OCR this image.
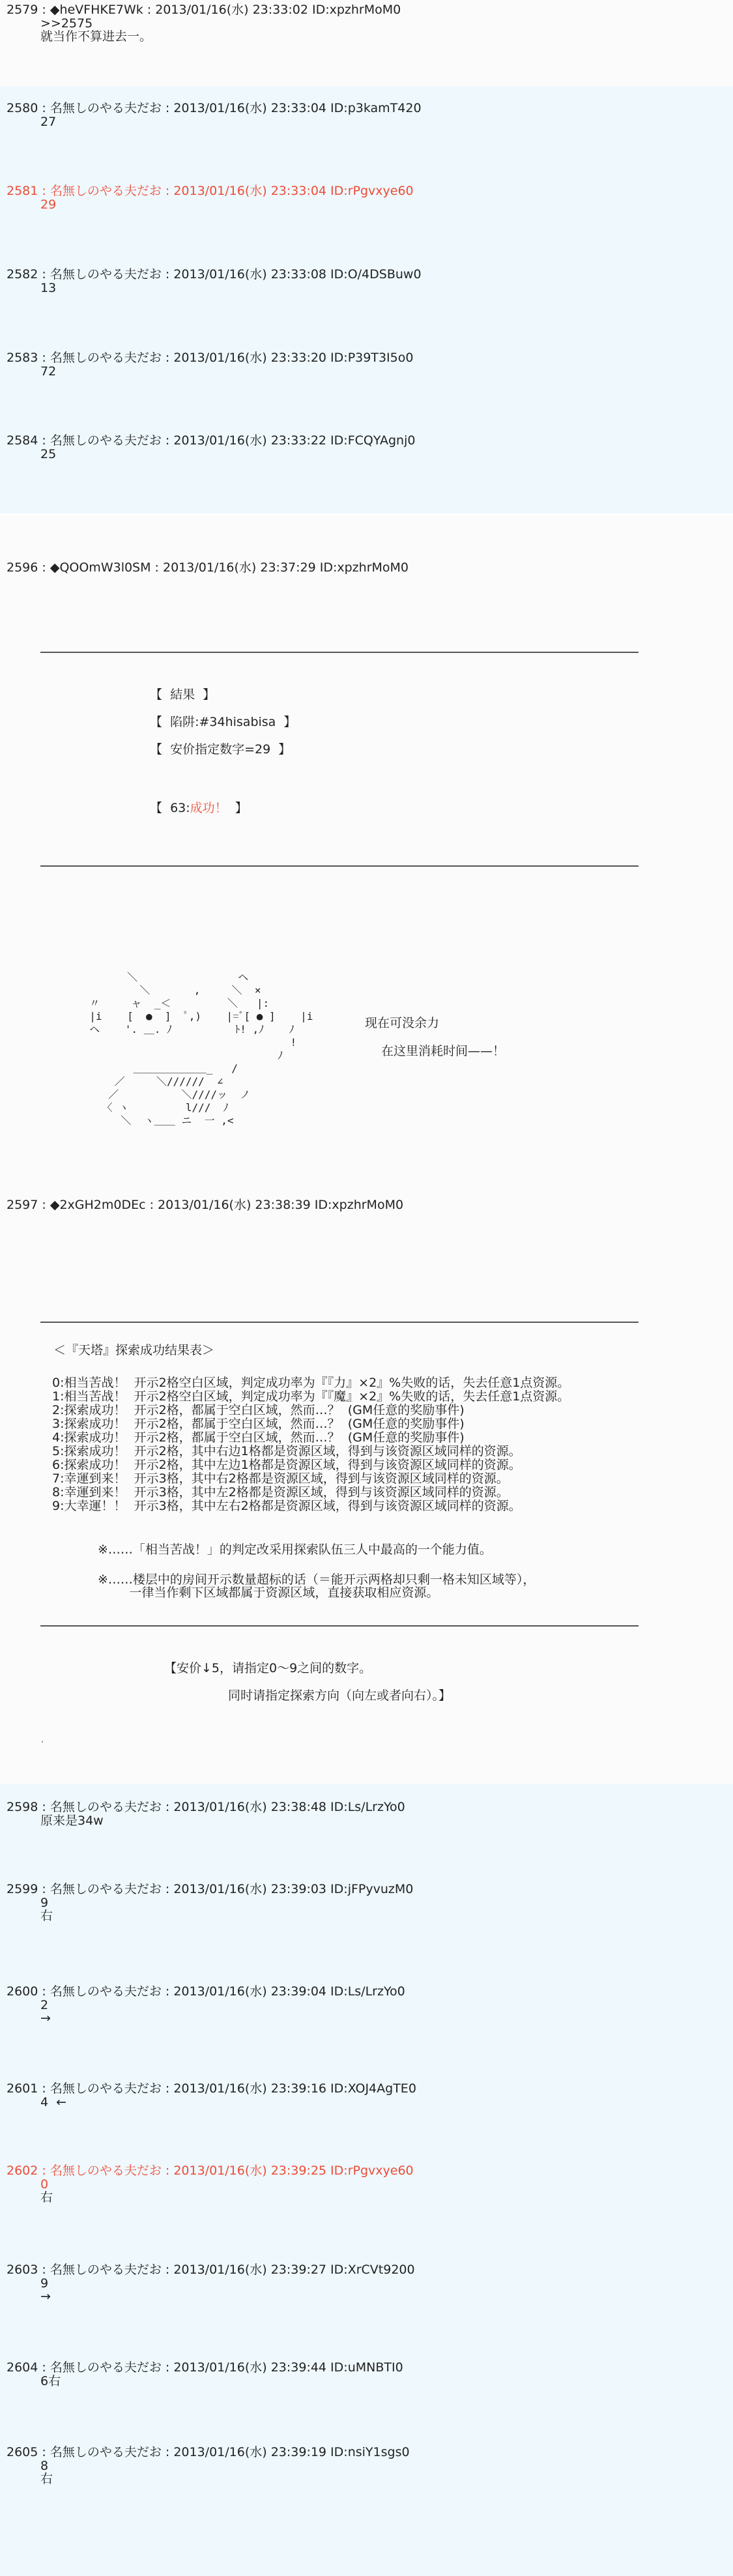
2579 : ◆heVFHKE7Wk : 2013/01/16(水) 23:33:02 ID:xpzhrMoM0
>>2575
就当作不算进去一。
2580 : 名無しのやる夫だお : 2013/01/16(水) 23:33:04 ID:p3kamT420
27
2581 : 名無しのやる夫だお : 2013/01/16(水) 23:33:04 ID:rPgvxye60
29
2582 : 名無しのやる夫だお : 2013/01/16(水) 23:33:08 ID:O/4DSBuw0
13
2583 : 名無しのやる夫だお : 2013/01/16(水) 23:33:20 ID:P39T3I5o0
72
2584 : 名無しのやる夫だお : 2013/01/16(水) 23:33:22 ID:FCQYAgnj0
25
2596 : ◆QOOmW3l0SM : 2013/01/16(水) 23:37:29 ID:xpzhrMoM0
【  結果  】
【  陷阱:#34hisabisa  】
【  安价指定数字=29  】
【  63:成功！  】
＼                ヘ
＼       ,     ＼  ×
〃     ャ  _＜         ＼   |:
|i    [  ●  ]  ﾟ,)    |=ﾞ[ ● ]    |i
ヘ    '. ＿. ﾉ          ﾄ! ,ﾉ    ﾉ
!
ﾉ
＿＿＿＿＿＿＿_   /
／     ＼//////  ∠
／          ＼////ッ  ノ
〈 ヽ         l///  ﾉ
＼  ヽ＿＿ ニ  一 ,<
现在可没余力
在这里消耗时间——！
2597 : ◆2xGH2m0DEc : 2013/01/16(水) 23:38:39 ID:xpzhrMoM0
＜『天塔』探索成功结果表＞
0:相当苦战！  开示2格空白区域，判定成功率为『『力』×2』%失败的话，失去任意1点资源。
1:相当苦战！  开示2格空白区域，判定成功率为『『魔』×2』%失败的话，失去任意1点资源。
2:探索成功！  开示2格，都属于空白区域，然而…？  (GM任意的奖励事件)
3:探索成功！  开示2格，都属于空白区域，然而…？  (GM任意的奖励事件)
4:探索成功！  开示2格，都属于空白区域，然而…？  (GM任意的奖励事件)
5:探索成功！  开示2格，其中右边1格都是资源区域，得到与该资源区域同样的资源。
6:探索成功！  开示2格，其中左边1格都是资源区域，得到与该资源区域同样的资源。
7:幸運到来！  开示3格，其中右2格都是资源区域，得到与该资源区域同样的资源。
8:幸運到来！  开示3格，其中左2格都是资源区域，得到与该资源区域同样的资源。
9:大幸運！！  开示3格，其中左右2格都是资源区域，得到与该资源区域同样的资源。
※……「相当苦战！」的判定改采用探索队伍三人中最高的一个能力值。
※……楼层中的房间开示数量超标的话（＝能开示两格却只剩一格未知区域等），
一律当作剩下区域都属于资源区域，直接获取相应资源。
【安价↓5，请指定0～9之间的数字。
同时请指定探索方向（向左或者向右）。】
.
2598 : 名無しのやる夫だお : 2013/01/16(水) 23:38:48 ID:Ls/LrzYo0
原来是34w
2599 : 名無しのやる夫だお : 2013/01/16(水) 23:39:03 ID:jFPyvuzM0
9
右
2600 : 名無しのやる夫だお : 2013/01/16(水) 23:39:04 ID:Ls/LrzYo0
2
→
2601 : 名無しのやる夫だお : 2013/01/16(水) 23:39:16 ID:XOJ4AgTE0
4  ←
2602 : 名無しのやる夫だお : 2013/01/16(水) 23:39:25 ID:rPgvxye60
0
右
2603 : 名無しのやる夫だお : 2013/01/16(水) 23:39:27 ID:XrCVt9200
9
→
2604 : 名無しのやる夫だお : 2013/01/16(水) 23:39:44 ID:uMNBTI0
6右
2605 : 名無しのやる夫だお : 2013/01/16(水) 23:39:19 ID:nsiY1sgs0
8
右
